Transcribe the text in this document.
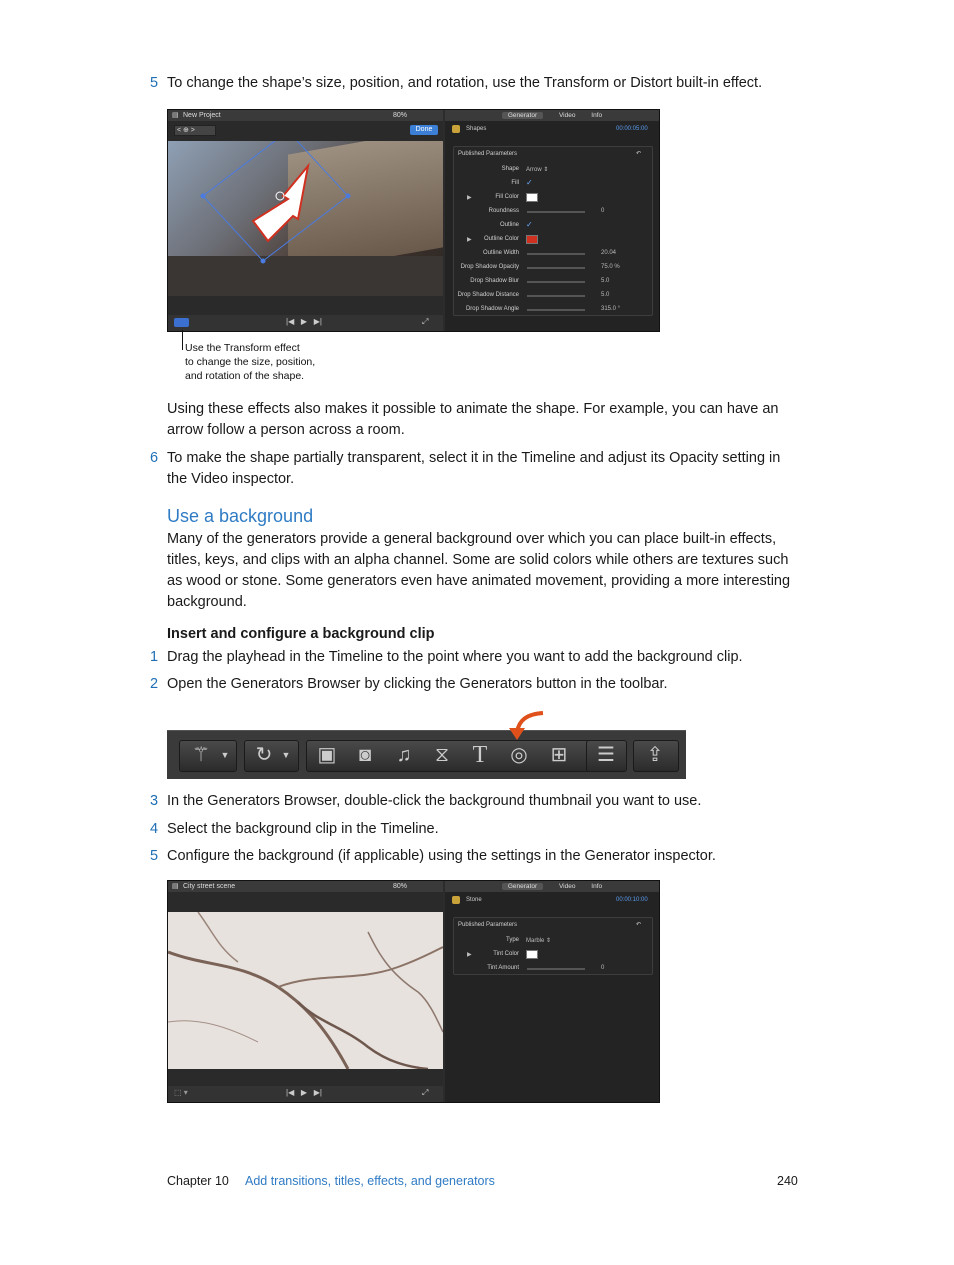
5 To change the shape’s size, position, and rotation, use the Transform or Distort built-in effect.
▤ New Project	80%
< ⊕ >	Done
|◀   ▶   ▶|	⤢
Generator	Video Info
Shapes	00:00:05:00
Published Parameters	↶
Shape Arrow ⇕
Fill ✓
Fill Color
▶
Roundness	0
Outline ✓
Outline Color
▶
Outline Width	20.04
Drop Shadow Opacity	75.0 %
Drop Shadow Blur	5.0
Drop Shadow Distance	5.0
Drop Shadow Angle	315.0 °
Use the Transform effect
to change the size, position,
and rotation of the shape.
Using these effects also makes it possible to animate the shape. For example, you can have an arrow follow a person across a room.
6 To make the shape partially transparent, select it in the Timeline and adjust its Opacity setting in the Video inspector.
Use a background
Many of the generators provide a general background over which you can place built-in effects, titles, keys, and clips with an alpha channel. Some are solid colors while others are textures such as wood or stone. Some generators even have animated movement, providing a more interesting background.
Insert and configure a background clip
1 Drag the playhead in the Timeline to the point where you want to add the background clip.
2 Open the Generators Browser by clicking the Generators button in the toolbar.
⚚	▼ ↻	▼ ▣	◙	♫	⧖ T	◎	⊞	☰	⇪
3 In the Generators Browser, double-click the background thumbnail you want to use.
4 Select the background clip in the Timeline.
5 Configure the background (if applicable) using the settings in the Generator inspector.
▤ City street scene	80%
⬚ ▾	|◀   ▶   ▶|	⤢
Generator	Video Info
Stone	00:00:10:00
Published Parameters	↶
Type Marble ⇕
Tint Color
▶
Tint Amount	0
Chapter 10 Add transitions, titles, effects, and generators	240
